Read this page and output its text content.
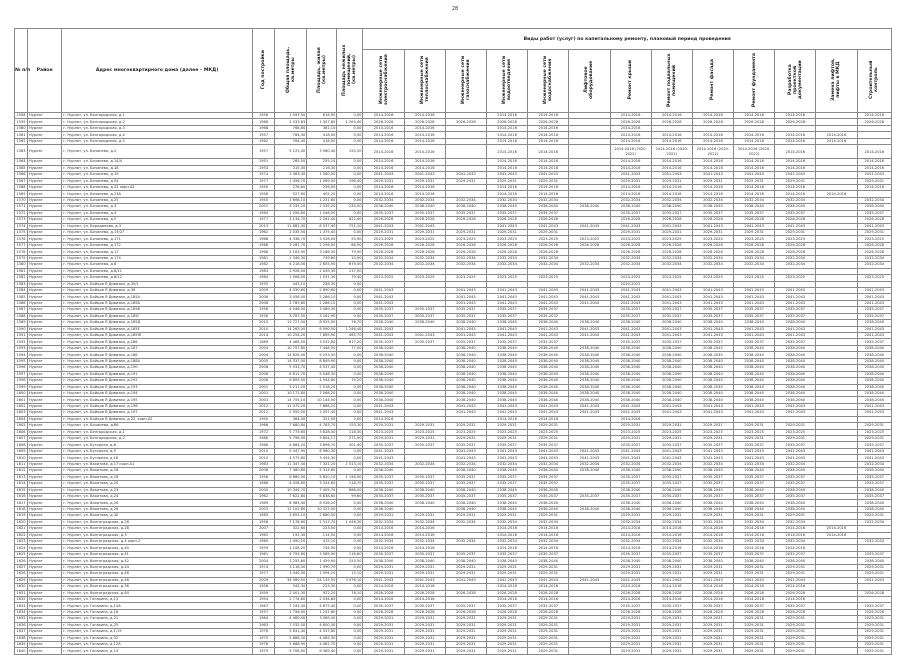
28
№ п/п	Район	Адрес многоквартирного дома (далее – МКД)	Год постройки	Общая площадь, кв.метры	Площадь, жилая (кв.метры)	Площадь нежилых помещений, (кв.метры)	Виды работ (услуг) по капитальному ремонту, плановый период проведения												
							Инженерные сети электроснабжения	Инженерные сети теплоснабжения	Инженерные сети газоснабжения	Инженерные сети водоотведения	Инженерные сети водоснабжения	Лифтовое оборудование	Ремонт крыши	Ремонт подвальных помещений	Ремонт фасада	Ремонт фундамента	Разработка проектной документации	Замена лифтов, лифты в МКД	Строительный контроль
1558	Нурлат	г. Нурлат, ул. Белгородская, д.1	1956	1 097,50	616,90	0,00	2014-2016	2014-2016		2014-2016	2014-2016		2014-2016	2014-2016	2014-2016	2014-2016	2014-2016		2014-2016
1559	Нурлат	г. Нурлат, ул. Белгородская, д.2	1966	2 033,83	1 307,80	1 204,40	2026-2028	2026-2028	2026-2028	2026-2028	2026-2028		2026-2028	2026-2028	2026-2028	2026-2028	2026-2028		2026-2028
1560	Нурлат	г. Нурлат, ул. Белгородская, д.3	1968	768,80	381,10	0,00	2014-2016	2014-2016		2014-2016	2014-2016		2014-2016						
1561	Нурлат	г. Нурлат, ул. Белгородская, д.4	1957	764,40	418,00	0,00	2014-2016	2014-2016		2014-2016	2014-2016		2014-2016	2014-2016	2014-2016	2014-2016	2014-2016	2014-2016	
1562	Нурлат	г. Нурлат, ул. Белгородская, д.5	1962	764,40	418,00	0,00	2014-2016	2014-2016		2014-2016	2014-2016		2014-2016	2014-2016	2014-2016	2014-2016	2014-2016	2014-2016	
1563	Нурлат	г. Нурлат, ул. Бичанева, д.2	1957	5 125,00	3 960,40	150,50	2014-2016	2014-2016		2014-2016	2014-2016		2014-2016 (2020-2022)	2014-2016 (2020-2022)	2014-2016 (2020-2022)	2014-2016 (2020-2022)	2014-2016		2014-2016
1564	Нурлат	г. Нурлат, ул. Бичанева, д.14/4	1951	285,50	255,10	0,00	2014-2016	2014-2016		2014-2016	2014-2016		2014-2016	2014-2016	2014-2016	2014-2016	2014-2016		2014-2016
1565	Нурлат	г. Нурлат, ул. Бичанева, д.18	1953	315,30	216,30	0,00	2014-2016	2014-2016		2014-2016	2014-2016		2014-2016	2014-2016	2014-2016	2014-2016	2014-2016		2014-2016
1566	Нурлат	г. Нурлат, ул. Бичанева, д.19	1974	2 463,40	1 560,50	0,00	2041-2043	2041-2043	2041-2043	2041-2043	2041-2043		2041-2043	2041-2043	2041-2043	2041-2043	2041-2043		2041-2043
1567	Нурлат	г. Нурлат, ул. Бичанева, д.54	1977	1 456,70	1 069,00	196,40	2029-2031	2029-2031	2029-2031	2029-2031	2029-2031		2029-2031	2029-2031	2029-2031	2029-2031	2029-2031		2029-2031
1568	Нурлат	г. Нурлат, ул. Бичанева, д.22 корп.А2	1950	276,60	256,00	0,00	2014-2016	2014-2016		2014-2016	2014-2016		2014-2016	2014-2016	2014-2016	2014-2016	2014-2016		2014-2016
1569	Нурлат	г. Нурлат, ул. Бичанева, д.23А	1956	527,60	402,20	0,00	2014-2016	2014-2016		2014-2016	2014-2016		2014-2016	2014-2016	2014-2016	2014-2016	2014-2016	2014-2016	
1570	Нурлат	г. Нурлат, ул. Бичанева, д.25	1955	1 698,10	1 221,60	0,00	2032-2034	2032-2034	2032-2034	2032-2034	2032-2034		2032-2034	2032-2034	2032-2034	2032-2034	2032-2034		2032-2034
1571	Нурлат	г. Нурлат, ул. Бичанева, д.3	2001	3 235,20	2 535,20	235,00	2038-2040	2038-2040	2038-2040	2038-2040	2038-2040	2038-2040	2038-2040	2038-2040	2038-2040	2038-2040	2038-2040		2038-2040
1572	Нурлат	г. Нурлат, ул. Бичанева, д.4	1964	1 056,60	1 048,50	0,00	2035-2037	2035-2037	2035-2037	2035-2037	2035-2037		2035-2037	2035-2037	2035-2037	2035-2037	2035-2037		2035-2037
1573	Нурлат	г. Нурлат, ул. Бичанева, д.5	1977	3 134,70	2 261,40	622,40	2026-2028	2026-2028	2026-2028	2026-2028	2026-2028		2026-2028	2026-2028	2026-2028	2026-2028	2026-2028		2026-2028
1574	Нурлат	г. Нурлат, ул. Бородинова, д.3	2013	11 882,30	8 537,40	721,10	2041-2043	2041-2043		2041-2043	2041-2043	2041-2043	2041-2043	2041-2043	2041-2043	2041-2043	2041-2043		2041-2043
1575	Нурлат	г. Нурлат, ул. Бичанева, д.19/27	1962	2 035,50	1 375,40	0,00	2029-2031	2029-2031	2029-2031	2029-2031	2029-2031		2029-2031	2029-2031	2029-2031	2029-2031	2029-2031		2029-2031
1576	Нурлат	г. Нурлат, ул. Бичанева, д.171	1968	4 338,70	3 528,00	55,90	2023-2025	2023-2025	2023-2025	2023-2025	2023-2025	2023-2025	2023-2025	2023-2025	2023-2025	2023-2025	2023-2025		2023-2025
1577	Нурлат	г. Нурлат, ул. Бичанева, д.172	1968	3 281,70	2 296,00	66,90	2026-2028	2026-2028	2026-2028	2026-2028	2026-2028	2026-2028	2026-2028	2026-2028	2026-2028	2026-2028	2026-2028		2026-2028
1578	Нурлат	г. Нурлат, ул. Бичанева, д.17	1968	5 163,90	3 166,30	79,90	2026-2028	2026-2028	2026-2028	2026-2028	2026-2028		2026-2028	2026-2028	2026-2028	2026-2028	2026-2028		2026-2028
1579	Нурлат	г. Нурлат, ул. Бичанева, д.174	1981	1 346,30	749,60	10,90	2032-2034	2032-2034	2032-2034	2032-2034	2032-2034		2032-2034	2032-2034	2032-2034	2032-2034	2032-2034		2032-2034
1580	Нурлат	г. Нурлат, ул. Бичанева, д.8	1982	4 218,00	2 855,90	679,50	2032-2034	2032-2034	2032-2034	2032-2034	2032-2034	2032-2034	2032-2034	2032-2034	2032-2034	2032-2034	2032-2034		2032-2034
1581	Нурлат	г. Нурлат, ул. Бичанева, д.8/11	1983	2 928,00	2 049,30	117,50													
1582	Нурлат	г. Нурлат, ул. Бичанева, д.8/12	1984	1 908,00	1 531,30	79,40	2023-2025	2023-2025	2023-2025	2023-2025	2023-2025		2023-2025	2023-2025	2023-2025	2023-2025	2023-2025		2023-2025
1583	Нурлат	г. Нурлат, ул. Бойцов Я Дивизии, д.35/1	1955	443,10	258,30	0,00							2020-2022						
1584	Нурлат	г. Нурлат, ул. Бойцов Я Дивизии, д.36	2009	4 330,60	2 690,60	0,00	2041-2043		2041-2043	2041-2043	2041-2043	2041-2043	2041-2043	2041-2043	2041-2043	2041-2043	2041-2043		2041-2043
1585	Нурлат	г. Нурлат, ул. Бойцов Я Дивизии, д.185А	2008	3 056,00	2 286,10	0,00	2041-2043		2041-2043	2041-2043	2041-2043	2041-2043	2041-2043	2041-2043	2041-2043	2041-2043	2041-2043		2041-2043
1586	Нурлат	г. Нурлат, ул. Бойцов Я Дивизии, д.185Б	2008	2 785,80	2 286,10	0,00	2041-2043		2041-2043	2041-2043	2041-2043	2041-2043	2041-2043	2041-2043	2041-2043	2041-2043	2041-2043		2041-2043
1587	Нурлат	г. Нурлат, ул. Бойцов Я Дивизии, д.185В	1958	4 046,00	3 489,30	0,00	2035-2037	2035-2037	2035-2037	2035-2037	2035-2037		2035-2037	2035-2037	2035-2037	2035-2037	2035-2037		2035-2037
1588	Нурлат	г. Нурлат, ул. Бойцов Я Дивизии, д.185Г	1958	3 787,50	3 161,90	0,00	2035-2037	2035-2037	2035-2037	2035-2037	2035-2037		2035-2037	2035-2037	2035-2037	2035-2037	2035-2037		2035-2037
1589	Нурлат	г. Нурлат, ул. Бойцов Я Дивизии, д.185Д	2010	12 727,00	8 925,90	76,70	2038-2040	2038-2040	2038-2040	2038-2040	2038-2040	2038-2040	2038-2040	2038-2040	2038-2040	2038-2040	2038-2040		2038-2040
1590	Нурлат	г. Нурлат, ул. Бойцов Я Дивизии, д.185Е	2010	14 263,00	8 090,50	1 246,40	2041-2043		2041-2043	2041-2043	2041-2043	2041-2043	2041-2043	2041-2043	2041-2043	2041-2043	2041-2043		2041-2043
1591	Нурлат	г. Нурлат, ул. Бойцов Я Дивизии, д.185Ж	2014	10 254,20	7 865,90	465,70	2041-2043	2041-2043	2041-2043	2041-2043	2041-2043	2041-2043	2041-2043	2041-2043	2041-2043	2041-2043	2041-2043		2041-2043
1592	Нурлат	г. Нурлат, ул. Бойцов Я Дивизии, д.186	1989	4 469,50	3 532,80	617,20	2035-2037	2035-2037	2035-2037	2035-2037	2035-2037		2035-2037	2035-2037	2035-2037	2035-2037	2035-2037		2035-2037
1593	Нурлат	г. Нурлат, ул. Бойцов Я Дивизии, д.187	2004	10 757,80	7 448,50	77,00	2038-2040		2038-2040	2038-2040	2038-2040	2038-2040	2038-2040	2038-2040	2038-2040	2038-2040	2038-2040		2038-2040
1594	Нурлат	г. Нурлат, ул. Бойцов Я Дивизии, д.188	2004	14 826,40	9 253,50	0,00	2038-2040		2038-2040	2038-2040	2038-2040	2038-2040	2038-2040	2038-2040	2038-2040	2038-2040	2038-2040		2038-2040
1595	Нурлат	г. Нурлат, ул. Бойцов Я Дивизии, д.188А	2005	14 337,00	8 849,90	0,00	2038-2040		2038-2040	2038-2040	2038-2040	2038-2040	2038-2040	2038-2040	2038-2040	2038-2040	2038-2040		2038-2040
1596	Нурлат	г. Нурлат, ул. Бойцов Я Дивизии, д.190	2006	5 933,70	4 537,40	0,00	2038-2040		2038-2040	2038-2040	2038-2040	2038-2040	2038-2040	2038-2040	2038-2040	2038-2040	2038-2040		2038-2040
1597	Нурлат	г. Нурлат, ул. Бойцов Я Дивизии, д.191	2006	6 811,70	5 048,30	0,00	2038-2040		2038-2040	2038-2040	2038-2040	2038-2040	2038-2040	2038-2040	2038-2040	2038-2040	2038-2040		2038-2040
1598	Нурлат	г. Нурлат, ул. Бойцов Я Дивизии, д.192	2006	6 809,50	4 944,80	75,20	2038-2040		2038-2040	2038-2040	2038-2040	2038-2040	2038-2040	2038-2040	2038-2040	2038-2040	2038-2040		2038-2040
1599	Нурлат	г. Нурлат, ул. Бойцов Я Дивизии, д.193	2001	3 211,20	2 518,20	0,00	2038-2040		2038-2040	2038-2040	2038-2040	2038-2040	2038-2040	2038-2040	2038-2040	2038-2040	2038-2040		2038-2040
1600	Нурлат	г. Нурлат, ул. Бойцов Я Дивизии, д.194	2001	10 171,80	7 068,20	0,00	2038-2040		2038-2040	2038-2040	2038-2040	2038-2040	2038-2040	2038-2040	2038-2040	2038-2040	2038-2040		2038-2040
1601	Нурлат	г. Нурлат, ул. Бойцов Я Дивизии, д.195	2003	14 755,10	10 144,50	0,00	2038-2040		2038-2040	2038-2040	2038-2040	2038-2040	2038-2040	2038-2040	2038-2040	2038-2040	2038-2040		2038-2040
1602	Нурлат	г. Нурлат, ул. Бойцов Я Дивизии, д.196	2012	11 475,20	7 686,20	0,00	2041-2043		2041-2043	2041-2043	2041-2043	2041-2043	2041-2043	2041-2043	2041-2043	2041-2043	2041-2043		2041-2043
1603	Нурлат	г. Нурлат, ул. Бойцов Я Дивизии, д.197	2012	2 950,00	2 057,40	0,00	2041-2043		2041-2043	2041-2043	2041-2043	2041-2043	2041-2043	2041-2043	2041-2043	2041-2043	2041-2043		2041-2043
1604	Нурлат	г. Нурлат, ул. Бойцов Я Дивизии, д.22, корп.А2	1950	364,00	321,90	0,00	2014-2016			2014-2016	2014-2016		2014-2016						
1605	Нурлат	г. Нурлат, ул. Бичанева, д.66	1966	7 680,80	4 763,70	153,30	2029-2031	2029-2031	2029-2031	2029-2031	2029-2031		2029-2031	2029-2031	2029-2031	2029-2031	2029-2031		2029-2031
1606	Нурлат	г. Нурлат, ул. Белгородская, д.1	1972	5 773,60	3 828,40	118,30	2023-2025	2023-2025	2023-2025	2023-2025	2023-2025		2023-2025	2023-2025	2023-2025	2023-2025	2023-2025		2023-2025
1607	Нурлат	г. Нурлат, ул. Белгородская, д.2	1986	5 798,90	3 804,17	271,90	2029-2031	2029-2031	2029-2031	2029-2031	2029-2031		2029-2031	2029-2031	2029-2031	2029-2031	2029-2031		2029-2031
1608	Нурлат	г. Нурлат, ул. Бугорная, д.8	1988	4 864,20	3 896,70	301,40	2035-2037	2035-2037	2035-2037	2035-2037	2035-2037		2035-2037	2035-2037	2035-2037	2035-2037	2035-2037		2035-2037
1609	Нурлат	г. Нурлат, ул. Бугорная, д.9	2010	9 347,90	6 960,30	0,00	2041-2043		2041-2043	2041-2043	2041-2043	2041-2043	2041-2043	2041-2043	2041-2043	2041-2043	2041-2043		2041-2043
1610	Нурлат	г. Нурлат, ул. Бугорная, д.16	2010	4 575,80	3 454,30	0,00	2041-2043		2041-2043	2041-2043	2041-2043	2041-2043	2041-2043	2041-2043	2041-2043	2041-2043	2041-2043		2041-2043
1611	Нурлат	г. Нурлат, ул. Вахитова, д.17 корп.А1	1983	11 347,40	7 321,20	1 513,10	2032-2034	2032-2034	2032-2034	2032-2034	2032-2034	2032-2034	2032-2034	2032-2034	2032-2034	2032-2034	2032-2034		2032-2034
1612	Нурлат	г. Нурлат, ул. Вахитова, д.18	2006	7 460,80	5 314,60	0,00	2038-2040		2038-2040	2038-2040	2038-2040	2038-2040	2038-2040	2038-2040	2038-2040	2038-2040	2038-2040		2038-2040
1613	Нурлат	г. Нурлат, ул. Вахитова, д.18	1956	6 860,00	5 820,10	1 146,90	2035-2037	2035-2037	2035-2037	2035-2037	2035-2037		2035-2037	2035-2037	2035-2037	2035-2037	2035-2037		2035-2037
1614	Нурлат	г. Нурлат, ул. Вахитова, д.20	1986	4 426,80	3 324,60	118,70	2035-2037	2035-2037	2035-2037	2035-2037	2035-2037		2035-2037	2035-2037	2035-2037	2035-2037	2035-2037		2035-2037
1615	Нурлат	г. Нурлат, ул. Вахитова, д.23	2000	10 344,70	7 405,70	688,00	2038-2040	2038-2040	2038-2040	2038-2040	2038-2040		2038-2040	2038-2040	2038-2040	2038-2040	2038-2040		2038-2040
1616	Нурлат	г. Нурлат, ул. Вахитова, д.24	1962	7 622,80	6 838,60	99,60	2035-2037	2035-2037	2035-2037	2035-2037	2035-2037	2035-2037	2035-2037	2035-2037	2035-2037	2035-2037	2035-2037		2035-2037
1617	Нурлат	г. Нурлат, ул. Вахитова, д.26	1989	8 985,40	6 536,20	0,00	2038-2040	2038-2040	2038-2040	2038-2040	2038-2040		2038-2040	2038-2040	2038-2040	2038-2040	2038-2040		2038-2040
1618	Нурлат	г. Нурлат, ул. Вахитова, д.28	2003	12 102,80	10 322,00	0,00	2038-2040		2038-2040	2038-2040	2038-2040	2038-2040	2038-2040	2038-2040	2038-2040	2038-2040	2038-2040		2038-2040
1619	Нурлат	г. Нурлат, ул. Вахитова, д.30	1985	3 653,10	2 680,50	0,00	2029-2031	2029-2031	2029-2031	2029-2031	2029-2031		2029-2031	2029-2031	2029-2031	2029-2031	2029-2031		2029-2031
1620	Нурлат	г. Нурлат, ул. Волгоградская, д.26	1956	7 178,60	2 517,70	1 048,30	2032-2034	2032-2034	2032-2034	2032-2034	2032-2034		2032-2034	2032-2034	2032-2034	2032-2034	2032-2034		2032-2034
1621	Нурлат	г. Нурлат, ул. Волгоградская, д.28	2007	322,60	223,50	0,00	2014-2016	2014-2016		2014-2016	2014-2016		2014-2016	2014-2016	2014-2016	2014-2016	2014-2016	2014-2016	
1622	Нурлат	г. Нурлат, ул. Волгоградская, д.3	1962	192,30	114,50	0,00	2014-2016	2014-2016		2014-2016	2014-2016		2014-2016	2014-2016	2014-2016	2014-2016	2014-2016	2014-2016	
1623	Нурлат	г. Нурлат, ул. Волгоградская, д.4 корп.2	1980	1 490,20	415,10	0,00	2032-2034	2032-2034	2032-2034	2032-2034	2032-2034		2032-2034	2032-2034	2032-2034	2032-2034	2032-2034		2032-2034
1624	Нурлат	г. Нурлат, ул. Волгоградская, д.40	1959	1 108,20	744,90	0,00	2014-2016	2014-2016		2014-2016	2014-2016		2014-2016	2014-2016	2014-2016	2014-2016	2014-2016		
1625	Нурлат	г. Нурлат, ул. Волгоградская, д.41	1961	4 755,60	3 089,90	116,60	2035-2037	2035-2037	2035-2037	2035-2037	2035-2037		2035-2037	2035-2037	2035-2037	2035-2037	2035-2037		2035-2037
1626	Нурлат	г. Нурлат, ул. Волгоградская, д.42	2004	3 255,80	1 459,90	153,50	2038-2040	2038-2040	2038-2040	2038-2040	2038-2040		2038-2040	2038-2040	2038-2040	2038-2040	2038-2040		2038-2040
1627	Нурлат	г. Нурлат, ул. Волгоградская, д.44	1974	3 116,30	1 990,70	0,00	2029-2031	2029-2031	2029-2031	2029-2031	2029-2031		2029-2031	2029-2031	2029-2031	2029-2031	2029-2031		2029-2031
1628	Нурлат	г. Нурлат, ул. Волгоградская, д.46	1977	3 440,30	1 994,10	15,10	2029-2031	2029-2031	2029-2031	2029-2031	2029-2031		2029-2031	2029-2031	2029-2031	2029-2031	2029-2031		2029-2031
1629	Нурлат	г. Нурлат, ул. Волгоградская, д.48	2009	34 080,50	24 145,50	3 076,10	2041-2043	2041-2043	2041-2043	2041-2043	2041-2043	2041-2043	2041-2043	2041-2043	2041-2043	2041-2043	2041-2043		2041-2043
1630	Нурлат	г. Нурлат, ул. Волгоградская, д.56	1956	342,30	223,30	0,00	2014-2016	2014-2016		2014-2016	2014-2016		2014-2016	2014-2016	2014-2016	2014-2016	2014-2016		
1631	Нурлат	г. Нурлат, ул. Волгоградская, д.64	1959	2 001,30	922,20	76,10	2026-2028	2026-2028	2026-2028	2026-2028	2026-2028		2026-2028	2026-2028	2026-2028	2026-2028	2026-2028		2026-2028
1632	Нурлат	г. Нурлат, ул. Гагарина, д.13	1954	2 774,60	2 034,80	0,00	2014-2016	2014-2016		2014-2016	2014-2016		2014-2016	2014-2016	2014-2016	2014-2016	2014-2016		
1633	Нурлат	г. Нурлат, ул. Гагарина, д.14А	1967	7 245,30	4 675,40	0,00	2035-2037	2035-2037	2035-2037	2035-2037	2035-2037		2035-2037	2035-2037	2035-2037	2035-2037	2035-2037		2035-2037
1634	Нурлат	г. Нурлат, ул. Гагарина, д.16	1957	1 756,90	1 241,60	0,00	2026-2028	2026-2028	2026-2028	2026-2028	2026-2028		2026-2028	2026-2028	2026-2028	2026-2028	2026-2028		2026-2028
1635	Нурлат	г. Нурлат, ул. Гагарина, д.21	1964	4 480,40	3 069,40	0,00	2029-2031	2029-2031	2029-2031	2029-2031	2029-2031		2029-2031	2029-2031	2029-2031	2029-2031	2029-2031		2029-2031
1636	Нурлат	г. Нурлат, ул. Гагарина, д.25	1963	7 032,00	4 800,30	0,00	2029-2031	2029-2031	2029-2031	2029-2031	2029-2031		2029-2031	2029-2031	2029-2031	2029-2031	2029-2031		2029-2031
1637	Нурлат	г. Нурлат, ул. Гагарина, д.1/19	1976	5 831,40	4 337,80	0,00	2029-2031	2029-2031	2029-2031	2029-2031	2029-2031		2029-2031	2029-2031	2029-2031	2029-2031	2029-2031		2029-2031
1638	Нурлат	г. Нурлат, ул. Гагарина, д.32	1975	5 886,30	4 485,30	0,00	2029-2031	2029-2031	2029-2031	2029-2031	2029-2031		2029-2031	2029-2031	2029-2031	2029-2031	2029-2031		2029-2031
1639	Нурлат	г. Нурлат, ул. Гагарина, д.12А	1976	5 688,90	4 481,70	0,00	2029-2031	2029-2031	2029-2031	2029-2031	2029-2031		2029-2031	2029-2031	2029-2031	2029-2031	2029-2031		2029-2031
1640	Нурлат	г. Нурлат, ул. Гагарина, д.14	1979	9 708,90	6 389,40	0,00	2029-2031	2029-2031	2029-2031	2029-2031	2029-2031		2029-2031	2029-2031	2029-2031	2029-2031	2029-2031		2029-2031
